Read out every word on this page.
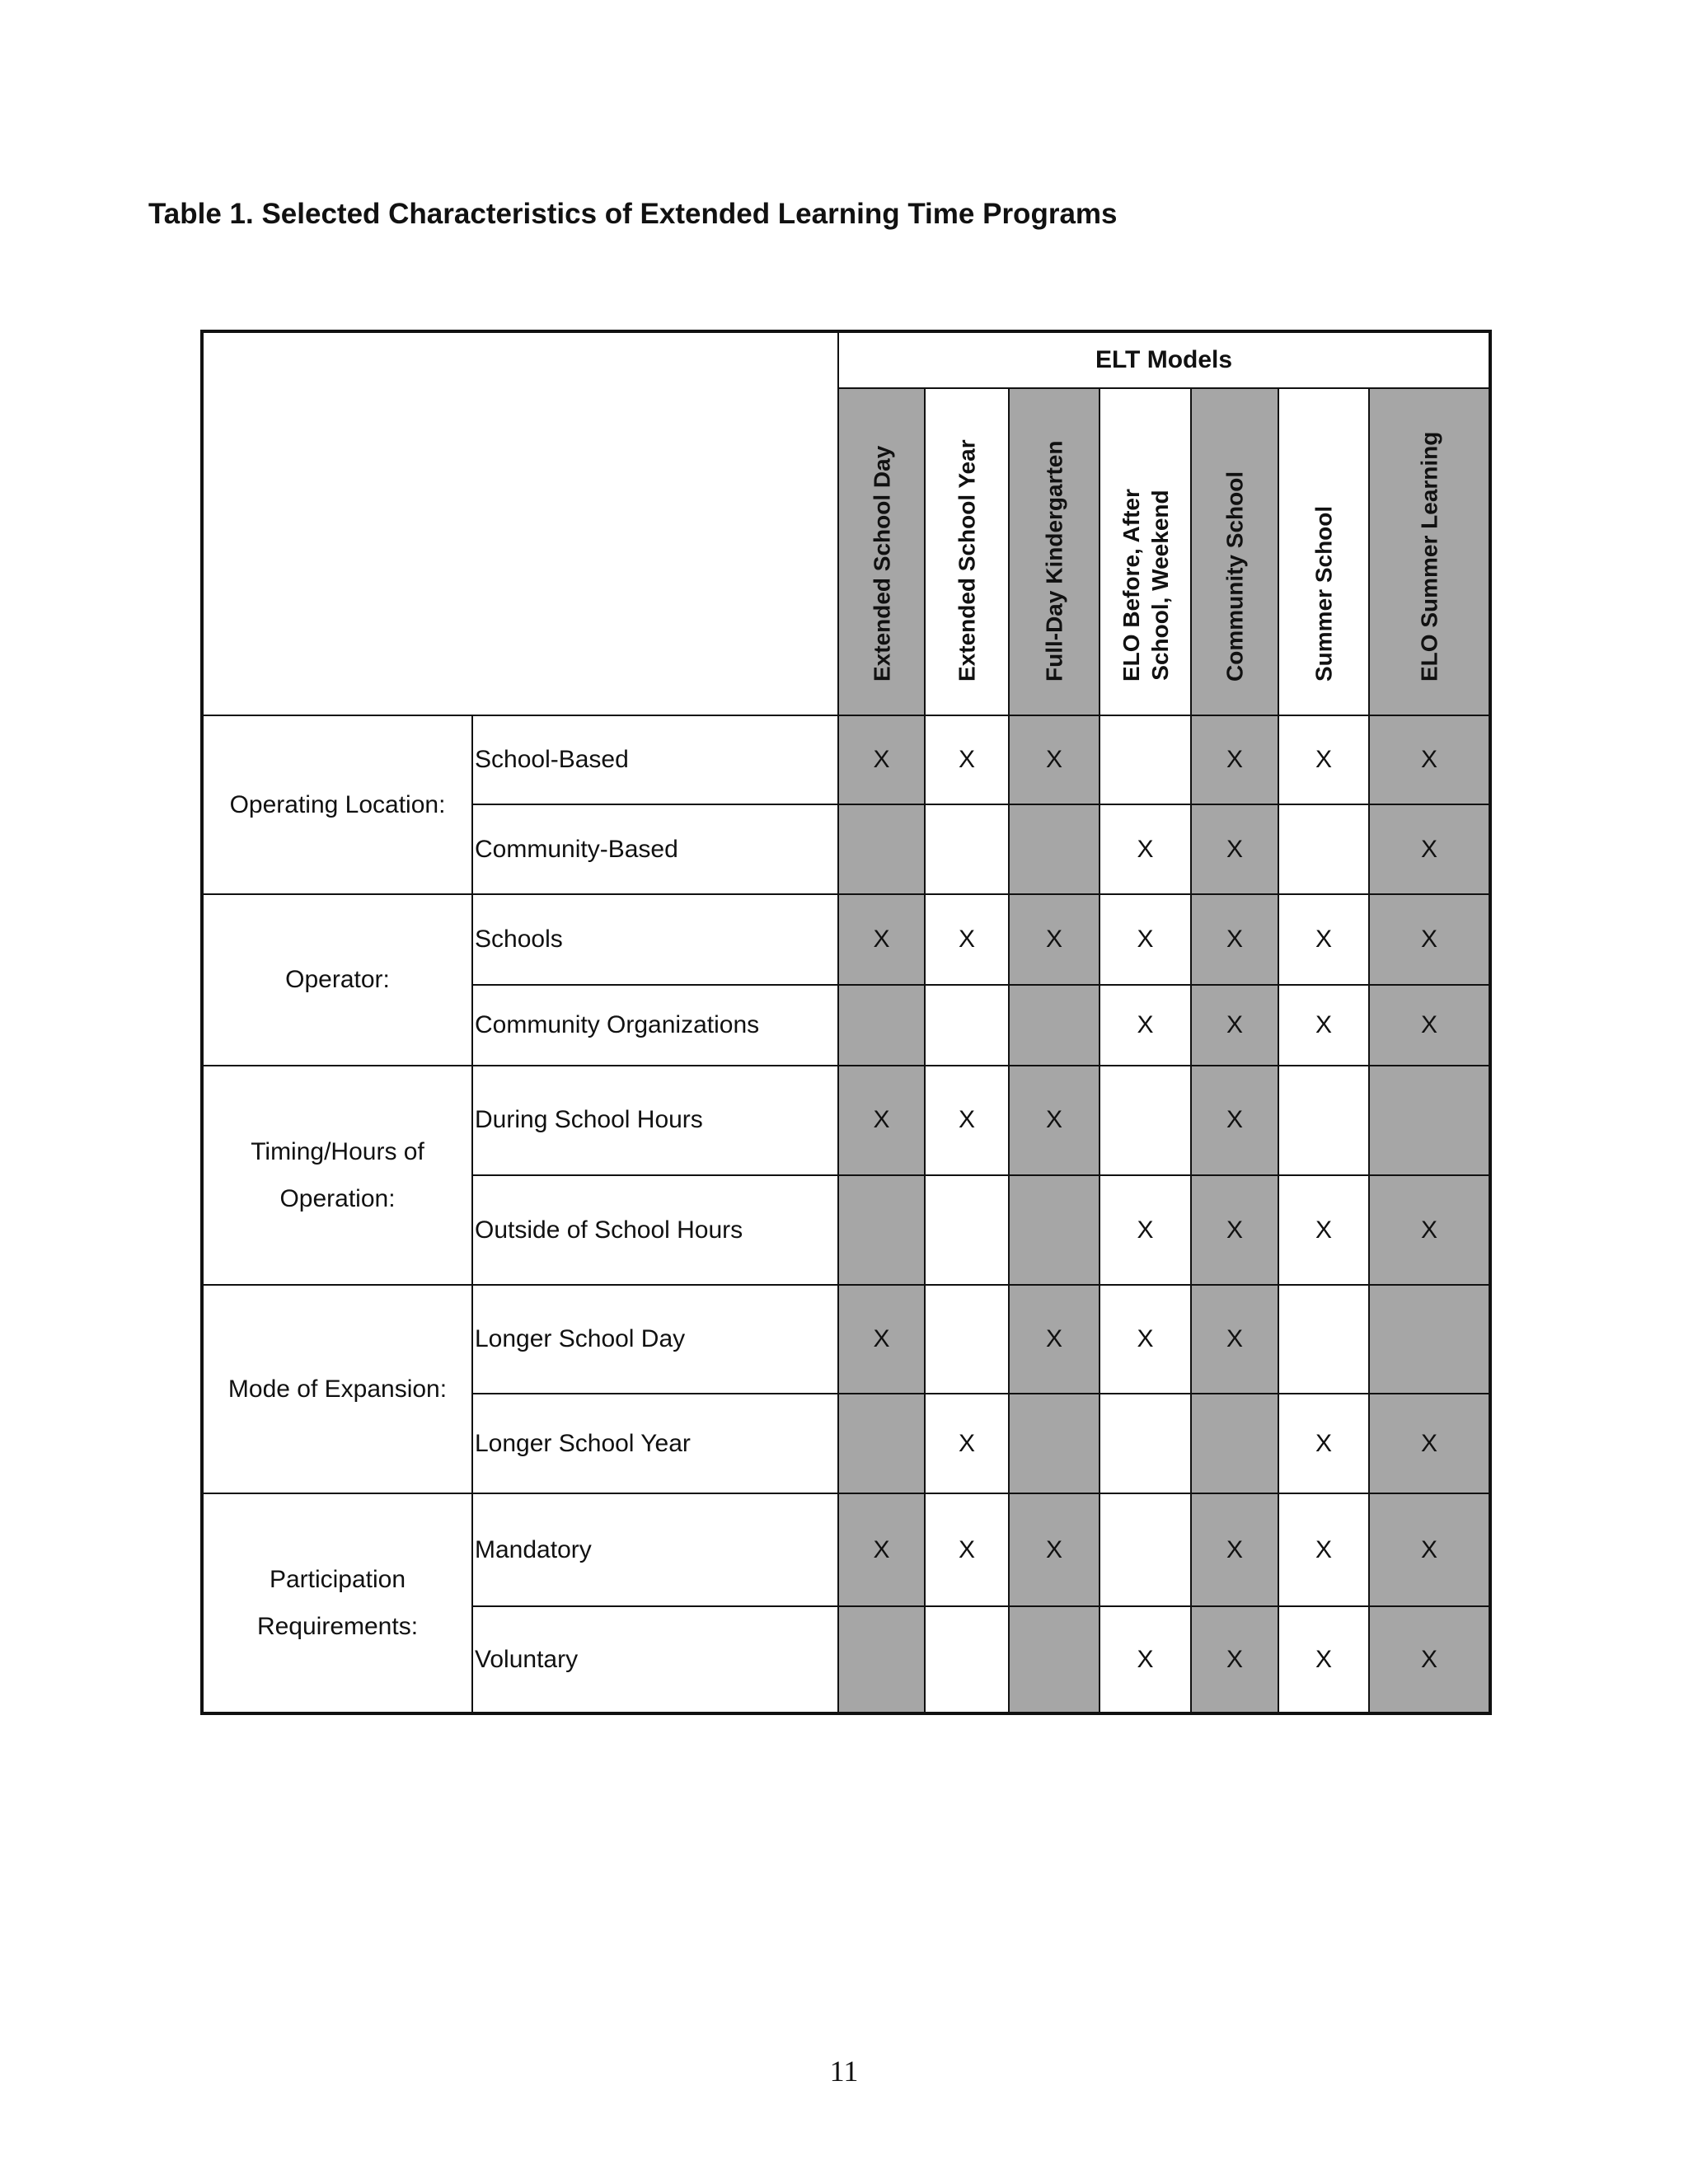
Table 1. Selected Characteristics of Extended Learning Time Programs
		ELT Models						

		Extended School Day	Extended School Year	Full-Day Kindergarten	ELO Before, After School, Weekend	Community School	Summer School	ELO Summer Learning

Operating Location:	School-Based	X	X	X		X	X	X
	Community-Based				X	X		X
Operator:	Schools	X	X	X	X	X	X	X
	Community Organizations				X	X	X	X
Timing/Hours of Operation:	During School Hours	X	X	X		X		
	Outside of School Hours				X	X	X	X
Mode of Expansion:	Longer School Day	X		X	X	X		
	Longer School Year		X				X	X
Participation Requirements:	Mandatory	X	X	X		X	X	X
	Voluntary				X	X	X	X
11
